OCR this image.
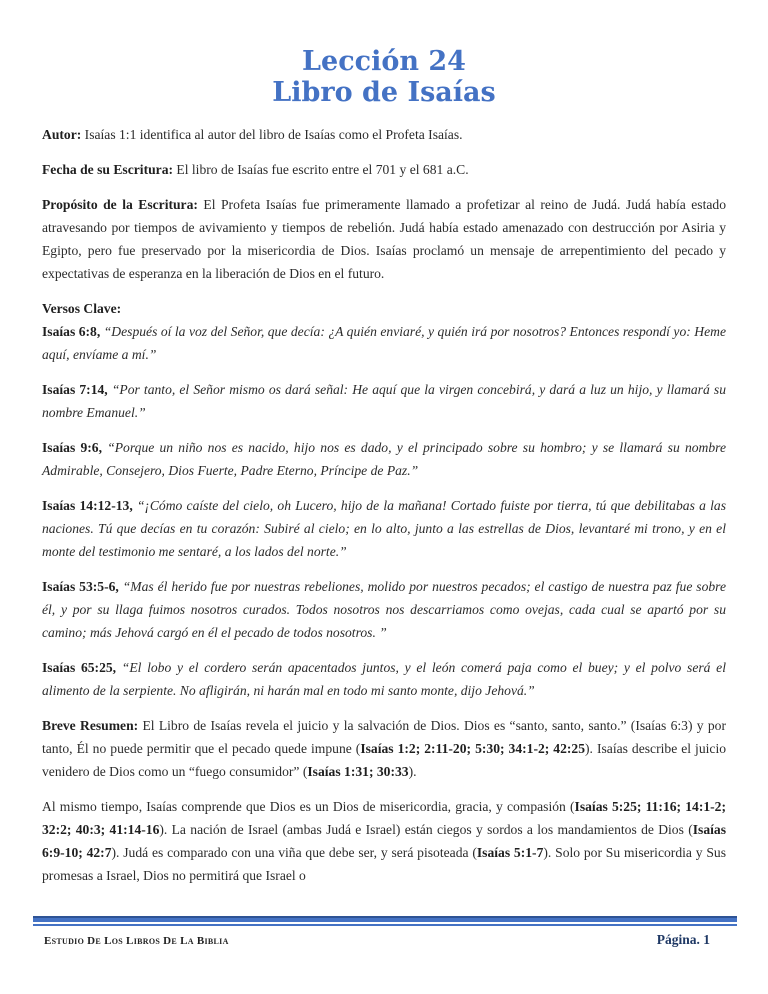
Lección 24
Libro de Isaías

Autor: Isaías 1:1 identifica al autor del libro de Isaías como el Profeta Isaías.

Fecha de su Escritura: El libro de Isaías fue escrito entre el 701 y el 681 a.C.

Propósito de la Escritura: El Profeta Isaías fue primeramente llamado a profetizar al reino de Judá. Judá había estado atravesando por tiempos de avivamiento y tiempos de rebelión. Judá había estado amenazado con destrucción por Asiria y Egipto, pero fue preservado por la misericordia de Dios. Isaías proclamó un mensaje de arrepentimiento del pecado y expectativas de esperanza en la liberación de Dios en el futuro.

Versos Clave:
Isaías 6:8, “Después oí la voz del Señor, que decía: ¿A quién enviaré, y quién irá por nosotros? Entonces respondí yo: Heme aquí, envíame a mí.”

Isaías 7:14, “Por tanto, el Señor mismo os dará señal: He aquí que la virgen concebirá, y dará a luz un hijo, y llamará su nombre Emanuel.”

Isaías 9:6, “Porque un niño nos es nacido, hijo nos es dado, y el principado sobre su hombro; y se llamará su nombre Admirable, Consejero, Dios Fuerte, Padre Eterno, Príncipe de Paz.”

Isaías 14:12-13, “¡Cómo caíste del cielo, oh Lucero, hijo de la mañana! Cortado fuiste por tierra, tú que debilitabas a las naciones. Tú que decías en tu corazón: Subiré al cielo; en lo alto, junto a las estrellas de Dios, levantaré mi trono, y en el monte del testimonio me sentaré, a los lados del norte.”

Isaías 53:5-6, “Mas él herido fue por nuestras rebeliones, molido por nuestros pecados; el castigo de nuestra paz fue sobre él, y por su llaga fuimos nosotros curados. Todos nosotros nos descarriamos como ovejas, cada cual se apartó por su camino; más Jehová cargó en él el pecado de todos nosotros. ”

Isaías 65:25, “El lobo y el cordero serán apacentados juntos, y el león comerá paja como el buey; y el polvo será el alimento de la serpiente. No afligirán, ni harán mal en todo mi santo monte, dijo Jehová.”

Breve Resumen: El Libro de Isaías revela el juicio y la salvación de Dios. Dios es “santo, santo, santo.” (Isaías 6:3) y por tanto, Él no puede permitir que el pecado quede impune (Isaías 1:2; 2:11-20; 5:30; 34:1-2; 42:25). Isaías describe el juicio venidero de Dios como un “fuego consumidor” (Isaías 1:31; 30:33).

Al mismo tiempo, Isaías comprende que Dios es un Dios de misericordia, gracia, y compasión (Isaías 5:25; 11:16; 14:1-2; 32:2; 40:3; 41:14-16). La nación de Israel (ambas Judá e Israel) están ciegos y sordos a los mandamientos de Dios (Isaías 6:9-10; 42:7). Judá es comparado con una viña que debe ser, y será pisoteada (Isaías 5:1-7). Solo por Su misericordia y Sus promesas a Israel, Dios no permitirá que Israel o

Estudio De Los Libros De La Biblia	Página. 1
